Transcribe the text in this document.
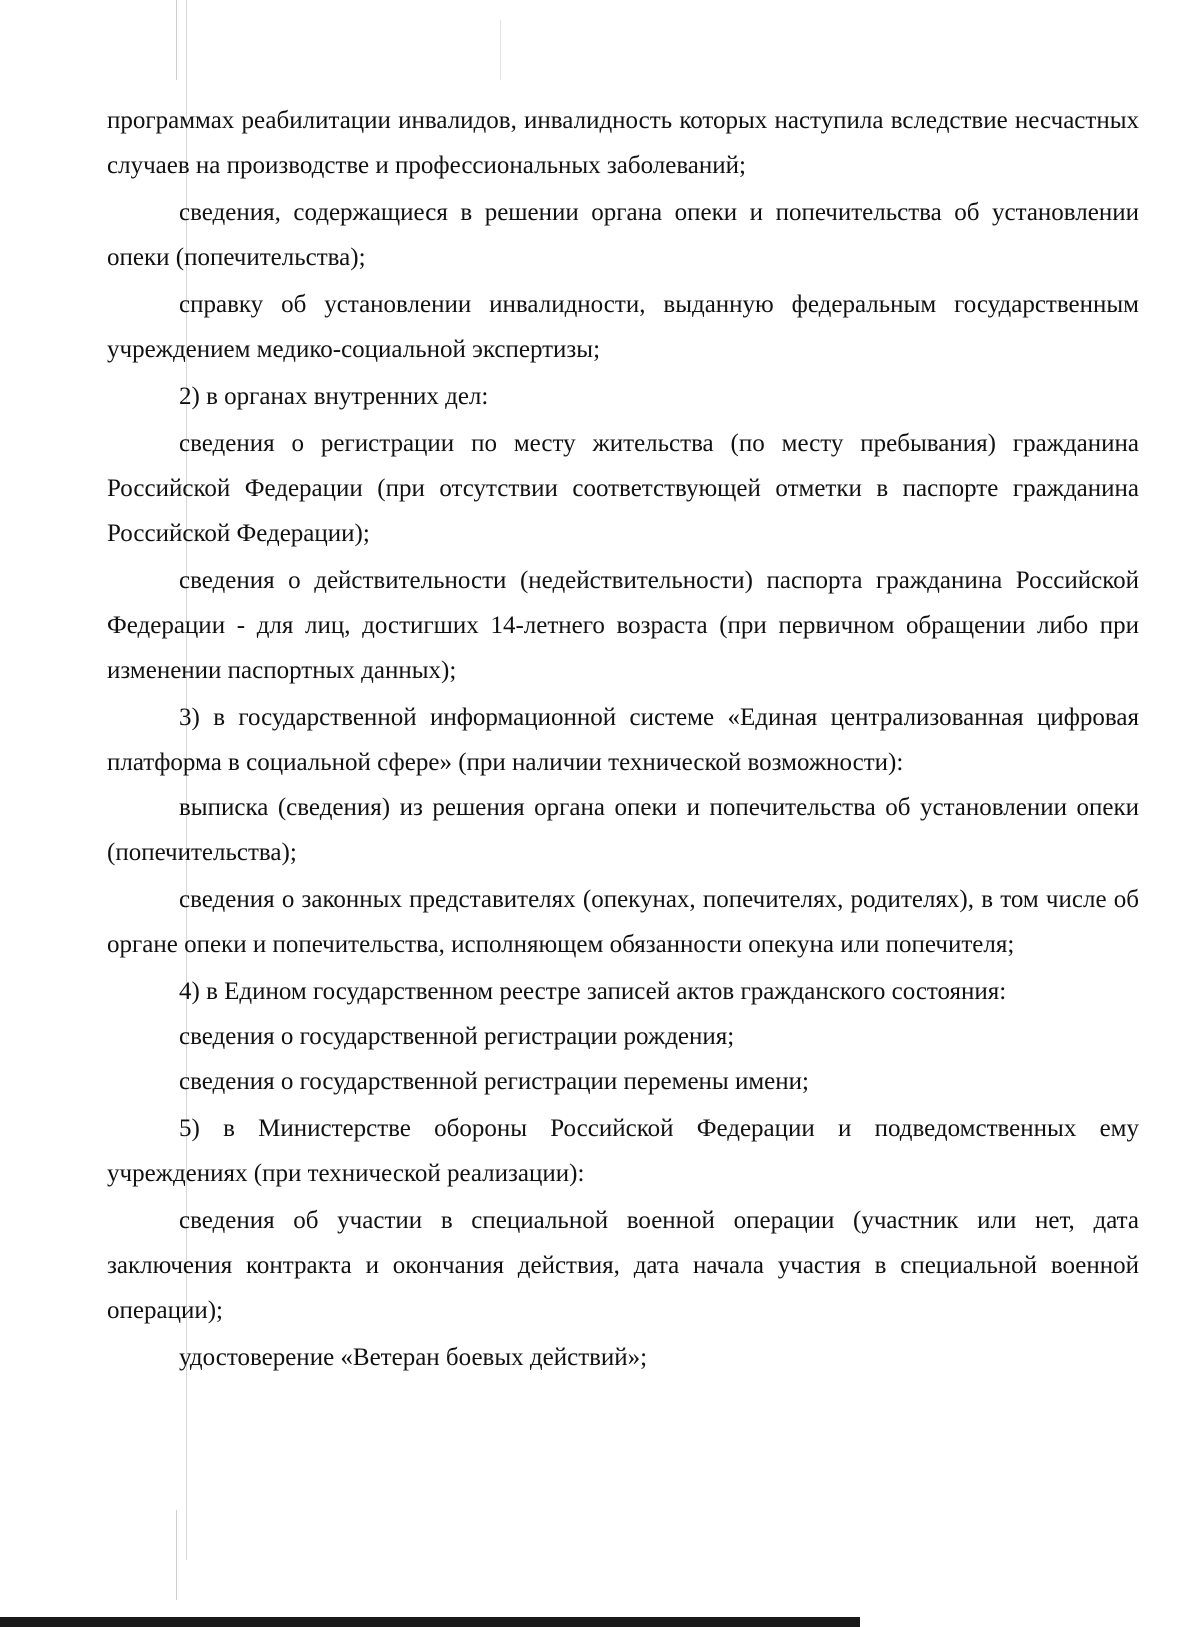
программах реабилитации инвалидов, инвалидность которых наступила вследствие несчастных случаев на производстве и профессиональных заболеваний;

сведения, содержащиеся в решении органа опеки и попечительства об установлении опеки (попечительства);

справку об установлении инвалидности, выданную федеральным государственным учреждением медико-социальной экспертизы;

2) в органах внутренних дел:

сведения о регистрации по месту жительства (по месту пребывания) гражданина Российской Федерации (при отсутствии соответствующей отметки в паспорте гражданина Российской Федерации);

сведения о действительности (недействительности) паспорта гражданина Российской Федерации - для лиц, достигших 14-летнего возраста (при первичном обращении либо при изменении паспортных данных);

3) в государственной информационной системе «Единая централизованная цифровая платформа в социальной сфере» (при наличии технической возможности):

выписка (сведения) из решения органа опеки и попечительства об установлении опеки (попечительства);

сведения о законных представителях (опекунах, попечителях, родителях), в том числе об органе опеки и попечительства, исполняющем обязанности опекуна или попечителя;

4) в Едином государственном реестре записей актов гражданского состояния:

сведения о государственной регистрации рождения;

сведения о государственной регистрации перемены имени;

5) в Министерстве обороны Российской Федерации и подведомственных ему учреждениях (при технической реализации):

сведения об участии в специальной военной операции (участник или нет, дата заключения контракта и окончания действия, дата начала участия в специальной военной операции);

удостоверение «Ветеран боевых действий»;
